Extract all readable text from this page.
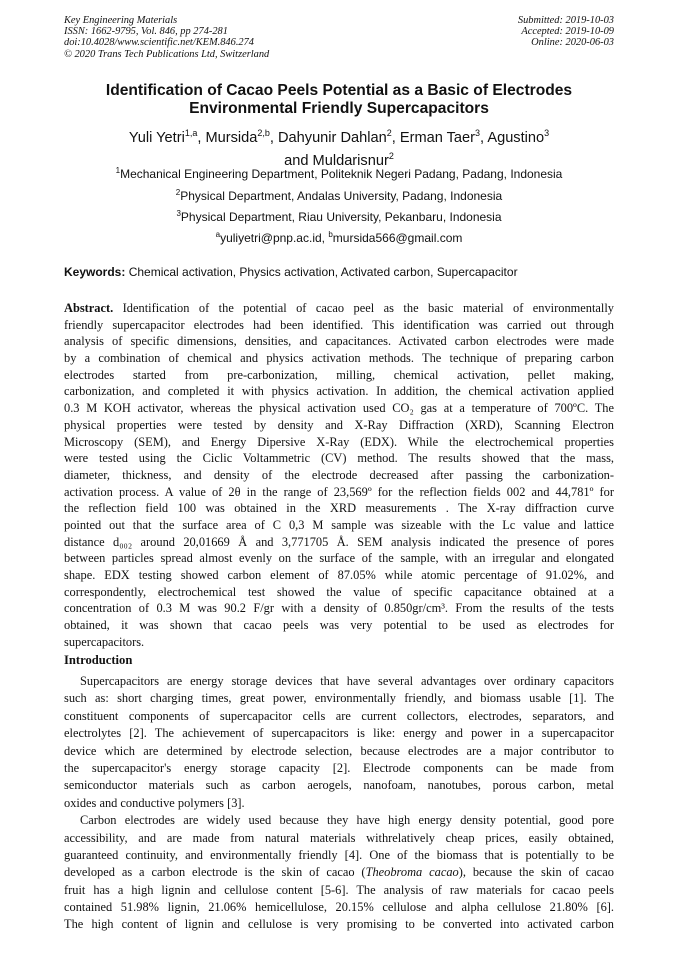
Key Engineering Materials
ISSN: 1662-9795, Vol. 846, pp 274-281
doi:10.4028/www.scientific.net/KEM.846.274
© 2020 Trans Tech Publications Ltd, Switzerland
Submitted: 2019-10-03
Accepted: 2019-10-09
Online: 2020-06-03
Identification of Cacao Peels Potential as a Basic of Electrodes
Environmental Friendly Supercapacitors
Yuli Yetri$^{1,a}$, Mursida$^{2,b}$, Dahyunir Dahlan$^2$, Erman Taer$^3$, Agustino$^3$
and Muldarisnur$^2$
$^1$Mechanical Engineering Department, Politeknik Negeri Padang, Padang, Indonesia
$^2$Physical Department, Andalas University, Padang, Indonesia
$^3$Physical Department, Riau University, Pekanbaru, Indonesia
$^a$yuliyetri@pnp.ac.id, $^b$mursida566@gmail.com
Keywords: Chemical activation, Physics activation, Activated carbon, Supercapacitor
Abstract. Identification of the potential of cacao peel as the basic material of environmentally
friendly supercapacitor electrodes had been identified. This identification was carried out through
analysis of specific dimensions, densities, and capacitances. Activated carbon electrodes were made
by a combination of chemical and physics activation methods. The technique of preparing carbon
electrodes started from pre-carbonization, milling, chemical activation, pellet making,
carbonization, and completed it with physics activation. In addition, the chemical activation applied
0.3 M KOH activator, whereas the physical activation used CO₂ gas at a temperature of 700ºC. The
physical properties were tested by density and X-Ray Diffraction (XRD), Scanning Electron
Microscopy (SEM), and Energy Dipersive X-Ray (EDX). While the electrochemical properties
were tested using the Ciclic Voltammetric (CV) method. The results showed that the mass,
diameter, thickness, and density of the electrode decreased after passing the carbonization-
activation process. A value of 2θ in the range of 23,569º for the reflection fields 002 and 44,781º for
the reflection field 100 was obtained in the XRD measurements . The X-ray diffraction curve
pointed out that the surface area of C 0,3 M sample was sizeable with the Lc value and lattice
distance d₀₀₂ around 20,01669 Å and 3,771705 Å. SEM analysis indicated the presence of pores
between particles spread almost evenly on the surface of the sample, with an irregular and elongated
shape. EDX testing showed carbon element of 87.05% while atomic percentage of 91.02%, and
correspondently, electrochemical test showed the value of specific capacitance obtained at a
concentration of 0.3 M was 90.2 F/gr with a density of 0.850gr/cm³. From the results of the tests
obtained, it was shown that cacao peels was very potential to be used as electrodes for
supercapacitors.
Introduction
Supercapacitors are energy storage devices that have several advantages over ordinary capacitors
such as: short charging times, great power, environmentally friendly, and biomass usable [1]. The
constituent components of supercapacitor cells are current collectors, electrodes, separators, and
electrolytes [2]. The achievement of supercapacitors is like: energy and power in a supercapacitor
device which are determined by electrode selection, because electrodes are a major contributor to
the supercapacitor's energy storage capacity [2]. Electrode components can be made from
semiconductor materials such as carbon aerogels, nanofoam, nanotubes, porous carbon, metal
oxides and conductive polymers [3].
Carbon electrodes are widely used because they have high energy density potential, good pore
accessibility, and are made from natural materials withrelatively cheap prices, easily obtained,
guaranteed continuity, and environmentally friendly [4]. One of the biomass that is potentially to be
developed as a carbon electrode is the skin of cacao (Theobroma cacao), because the skin of cacao
fruit has a high lignin and cellulose content [5-6]. The analysis of raw materials for cacao peels
contained 51.98% lignin, 21.06% hemicellulose, 20.15% cellulose and alpha cellulose 21.80% [6].
The high content of lignin and cellulose is very promising to be converted into activated carbon
